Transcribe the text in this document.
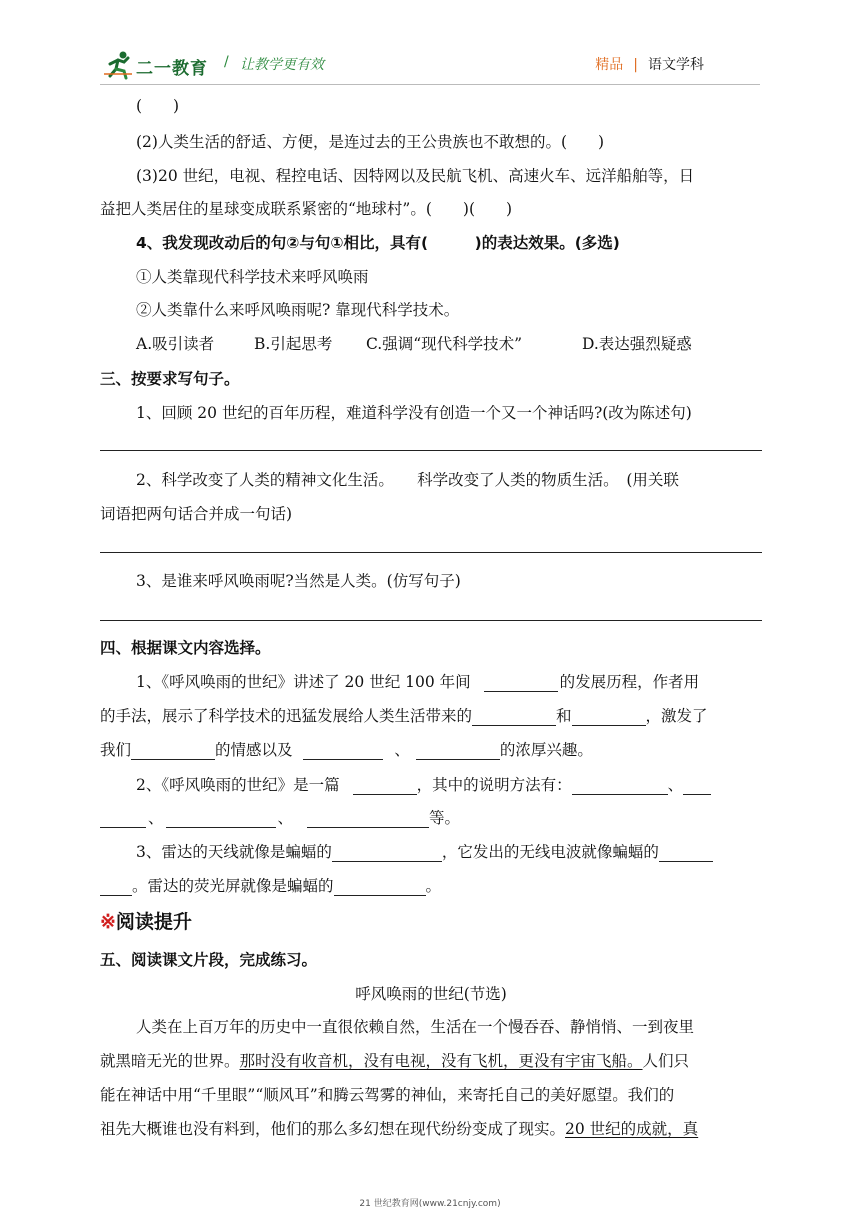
二一教育 / 让教学更有效	精品 | 语文学科
(　　)
(2)人类生活的舒适、方便，是连过去的王公贵族也不敢想的。(　　)
(3)20 世纪，电视、程控电话、因特网以及民航飞机、高速火车、远洋船舶等，日
益把人类居住的星球变成联系紧密的“地球村”。(　　)(　　)
4、我发现改动后的句②与句①相比，具有(　　　)的表达效果。(多选)
①人类靠现代科学技术来呼风唤雨
②人类靠什么来呼风唤雨呢? 靠现代科学技术。
A.吸引读者	B.引起思考 C.强调“现代科学技术”	D.表达强烈疑惑
三、按要求写句子。
1、回顾 20 世纪的百年历程，难道科学没有创造一个又一个神话吗?(改为陈述句)
2、科学改变了人类的精神文化生活。　　科学改变了人类的物质生活。　(用关联
词语把两句话合并成一句话)
3、是谁来呼风唤雨呢?当然是人类。(仿写句子)
四、根据课文内容选择。
1、《呼风唤雨的世纪》讲述了 20 世纪 100 年间	的发展历程，作者用
的手法，展示了科学技术的迅猛发展给人类生活带来的	和	，激发了
我们	的情感以及	、	的浓厚兴趣。
2、《呼风唤雨的世纪》是一篇	，其中的说明方法有：	、
、	、	等。
3、雷达的天线就像是蝙蝠的	，它发出的无线电波就像蝙蝠的
。雷达的荧光屏就像是蝙蝠的	。
※阅读提升
五、阅读课文片段，完成练习。
呼风唤雨的世纪(节选)
人类在上百万年的历史中一直很依赖自然，生活在一个慢吞吞、静悄悄、一到夜里
就黑暗无光的世界。那时没有收音机，没有电视，没有飞机，更没有宇宙飞船。人们只
能在神话中用“千里眼”“顺风耳”和腾云驾雾的神仙，来寄托自己的美好愿望。我们的
祖先大概谁也没有料到，他们的那么多幻想在现代纷纷变成了现实。20 世纪的成就，真
21 世纪教育网(www.21cnjy.com)
